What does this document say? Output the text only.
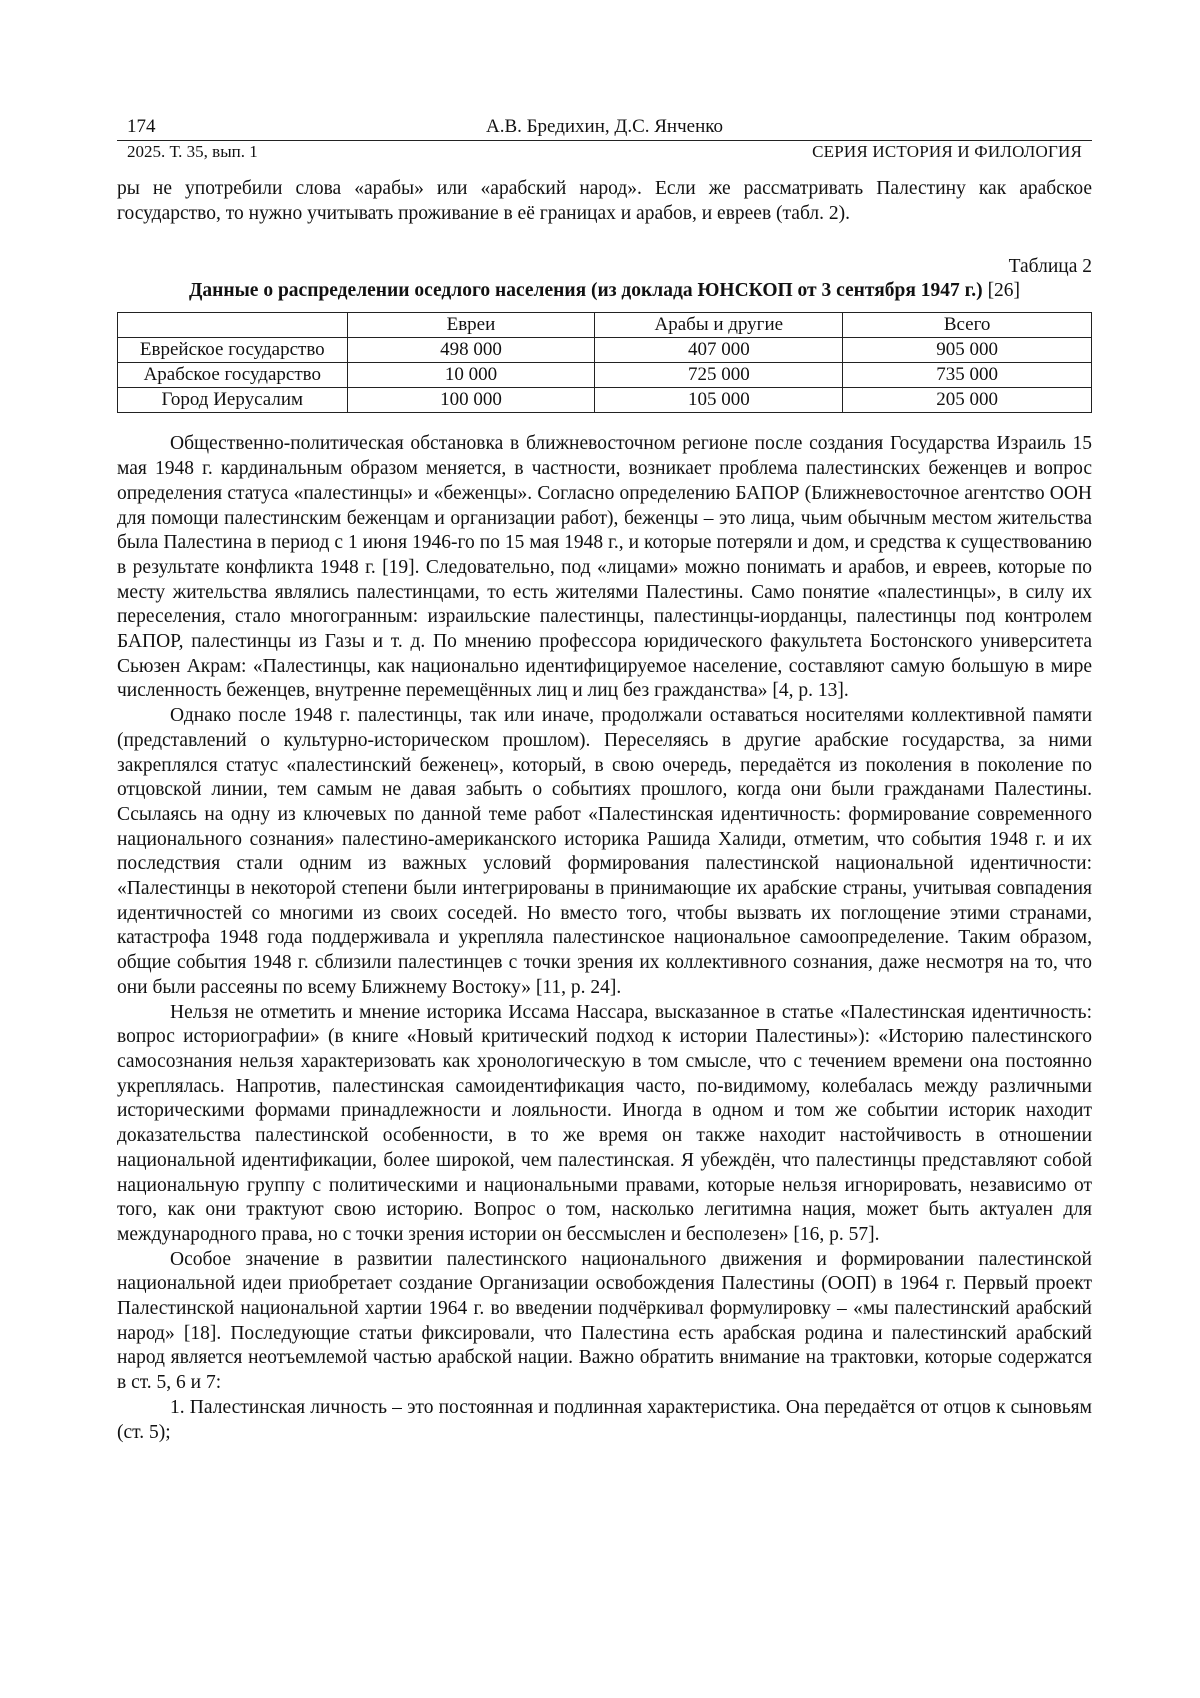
174	А.В. Бредихин, Д.С. Янченко
2025. Т. 35, вып. 1	СЕРИЯ ИСТОРИЯ И ФИЛОЛОГИЯ

ры не употребили слова «арабы» или «арабский народ». Если же рассматривать Палестину как арабское государство, то нужно учитывать проживание в её границах и арабов, и евреев (табл. 2).

Таблица 2
Данные о распределении оседлого населения (из доклада ЮНСКОП от 3 сентября 1947 г.) [26]
	Евреи	Арабы и другие	Всего
Еврейское государство	498 000	407 000	905 000
Арабское государство	10 000	725 000	735 000
Город Иерусалим	100 000	105 000	205 000

Общественно-политическая обстановка в ближневосточном регионе после создания Государства Израиль 15 мая 1948 г. кардинальным образом меняется, в частности, возникает проблема палестинских беженцев и вопрос определения статуса «палестинцы» и «беженцы». Согласно определению БАПОР (Ближневосточное агентство ООН для помощи палестинским беженцам и организации работ), беженцы – это лица, чьим обычным местом жительства была Палестина в период с 1 июня 1946-го по 15 мая 1948 г., и которые потеряли и дом, и средства к существованию в результате конфликта 1948 г. [19]. Следовательно, под «лицами» можно понимать и арабов, и евреев, которые по месту жительства являлись палестинцами, то есть жителями Палестины. Само понятие «палестинцы», в силу их переселения, стало многогранным: израильские палестинцы, палестинцы-иорданцы, палестинцы под контролем БАПОР, палестинцы из Газы и т. д. По мнению профессора юридического факультета Бостонского университета Сьюзен Акрам: «Палестинцы, как национально идентифицируемое население, составляют самую большую в мире численность беженцев, внутренне перемещённых лиц и лиц без гражданства» [4, p. 13].

Однако после 1948 г. палестинцы, так или иначе, продолжали оставаться носителями коллективной памяти (представлений о культурно-историческом прошлом). Переселяясь в другие арабские государства, за ними закреплялся статус «палестинский беженец», который, в свою очередь, передаётся из поколения в поколение по отцовской линии, тем самым не давая забыть о событиях прошлого, когда они были гражданами Палестины. Ссылаясь на одну из ключевых по данной теме работ «Палестинская идентичность: формирование современного национального сознания» палестино-американского историка Рашида Халиди, отметим, что события 1948 г. и их последствия стали одним из важных условий формирования палестинской национальной идентичности: «Палестинцы в некоторой степени были интегрированы в принимающие их арабские страны, учитывая совпадения идентичностей со многими из своих соседей. Но вместо того, чтобы вызвать их поглощение этими странами, катастрофа 1948 года поддерживала и укрепляла палестинское национальное самоопределение. Таким образом, общие события 1948 г. сблизили палестинцев с точки зрения их коллективного сознания, даже несмотря на то, что они были рассеяны по всему Ближнему Востоку» [11, p. 24].

Нельзя не отметить и мнение историка Иссама Нассара, высказанное в статье «Палестинская идентичность: вопрос историографии» (в книге «Новый критический подход к истории Палестины»): «Историю палестинского самосознания нельзя характеризовать как хронологическую в том смысле, что с течением времени она постоянно укреплялась. Напротив, палестинская самоидентификация часто, по-видимому, колебалась между различными историческими формами принадлежности и лояльности. Иногда в одном и том же событии историк находит доказательства палестинской особенности, в то же время он также находит настойчивость в отношении национальной идентификации, более широкой, чем палестинская. Я убеждён, что палестинцы представляют собой национальную группу с политическими и национальными правами, которые нельзя игнорировать, независимо от того, как они трактуют свою историю. Вопрос о том, насколько легитимна нация, может быть актуален для международного права, но с точки зрения истории он бессмыслен и бесполезен» [16, p. 57].

Особое значение в развитии палестинского национального движения и формировании палестинской национальной идеи приобретает создание Организации освобождения Палестины (ООП) в 1964 г. Первый проект Палестинской национальной хартии 1964 г. во введении подчёркивал формулировку – «мы палестинский арабский народ» [18]. Последующие статьи фиксировали, что Палестина есть арабская родина и палестинский арабский народ является неотъемлемой частью арабской нации. Важно обратить внимание на трактовки, которые содержатся в ст. 5, 6 и 7:

1. Палестинская личность – это постоянная и подлинная характеристика. Она передаётся от отцов к сыновьям (ст. 5);
